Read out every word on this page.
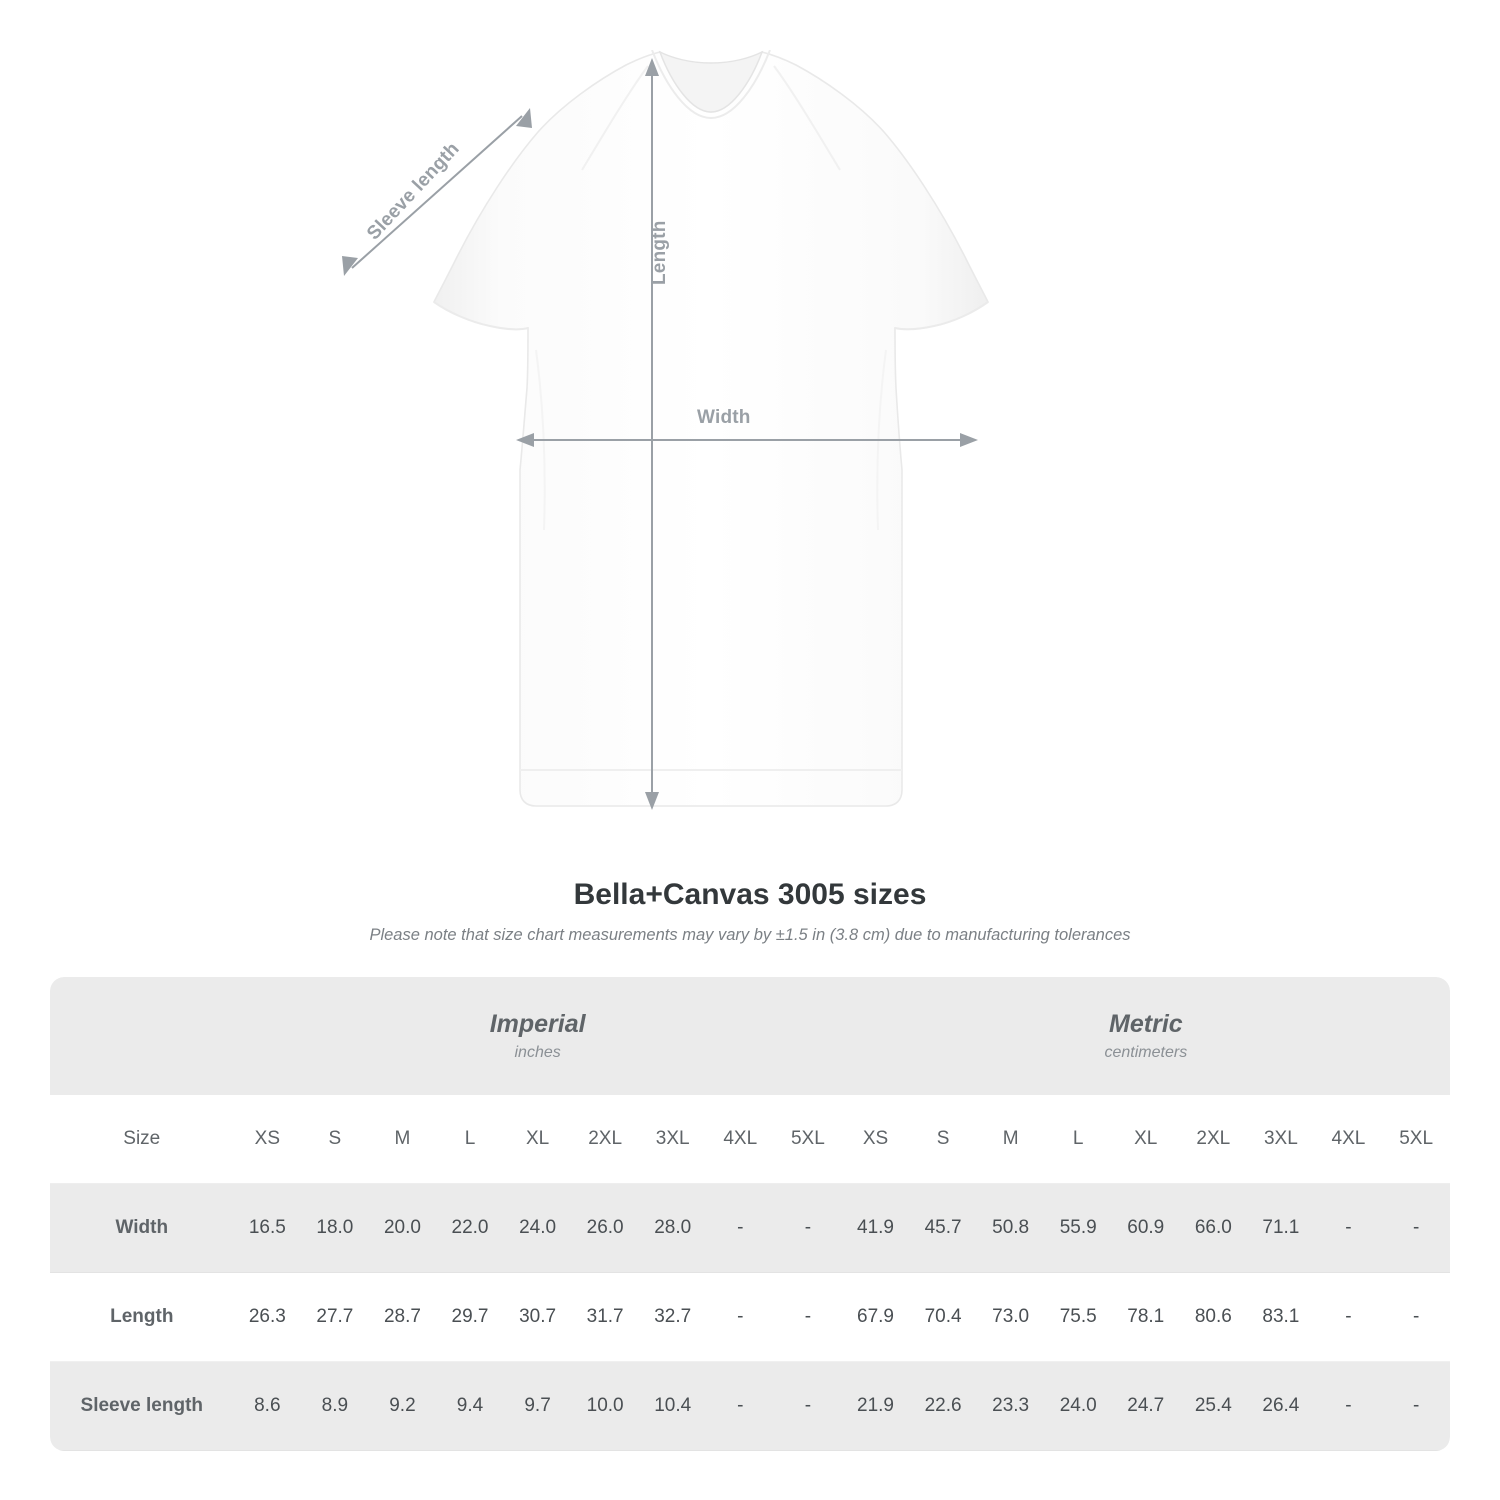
Width
Length
Sleeve length
Bella+Canvas 3005 sizes

Please note that size chart measurements may vary by ±1.5 in (3.8 cm) due to manufacturing tolerances

Imperial
inches

Metric
centimeters

Size	XS	S	M	L	XL	2XL	3XL	4XL	5XL	XS	S	M	L	XL	2XL	3XL	4XL	5XL
Width	16.5	18.0	20.0	22.0	24.0	26.0	28.0	-	-	41.9	45.7	50.8	55.9	60.9	66.0	71.1	-	-
Length	26.3	27.7	28.7	29.7	30.7	31.7	32.7	-	-	67.9	70.4	73.0	75.5	78.1	80.6	83.1	-	-
Sleeve length	8.6	8.9	9.2	9.4	9.7	10.0	10.4	-	-	21.9	22.6	23.3	24.0	24.7	25.4	26.4	-	-
